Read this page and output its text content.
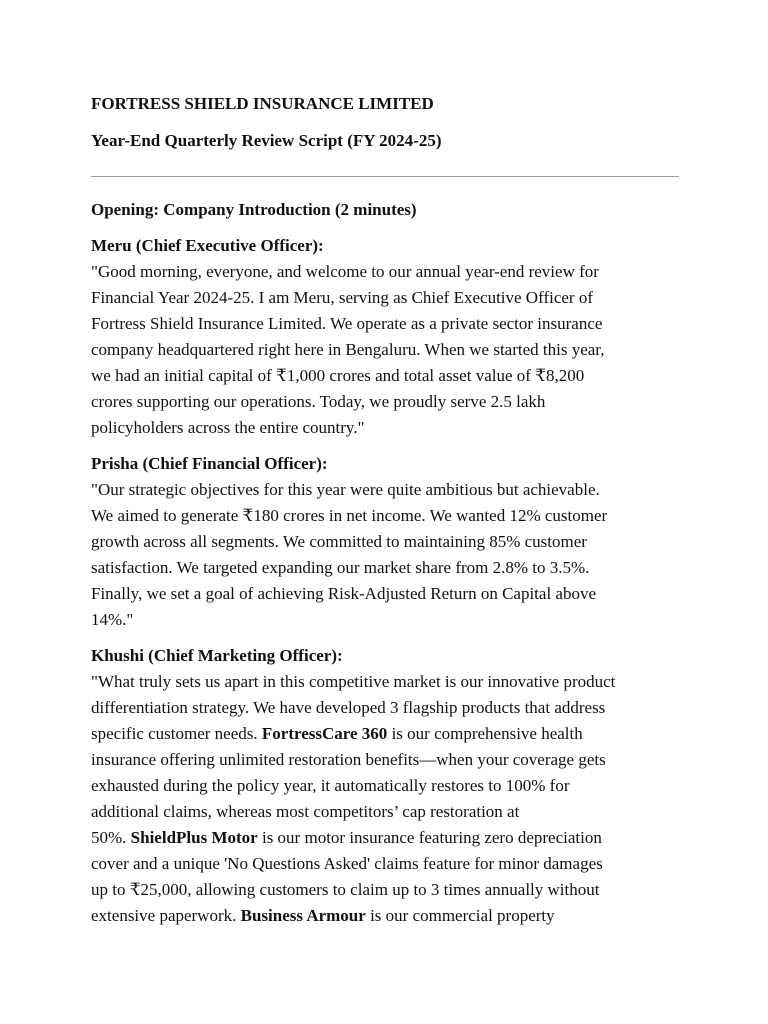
FORTRESS SHIELD INSURANCE LIMITED

Year-End Quarterly Review Script (FY 2024-25)

Opening: Company Introduction (2 minutes)

Meru (Chief Executive Officer):

"Good morning, everyone, and welcome to our annual year-end review for
Financial Year 2024-25. I am Meru, serving as Chief Executive Officer of
Fortress Shield Insurance Limited. We operate as a private sector insurance
company headquartered right here in Bengaluru. When we started this year,
we had an initial capital of ₹1,000 crores and total asset value of ₹8,200
crores supporting our operations. Today, we proudly serve 2.5 lakh
policyholders across the entire country."

Prisha (Chief Financial Officer):

"Our strategic objectives for this year were quite ambitious but achievable.
We aimed to generate ₹180 crores in net income. We wanted 12% customer
growth across all segments. We committed to maintaining 85% customer
satisfaction. We targeted expanding our market share from 2.8% to 3.5%.
Finally, we set a goal of achieving Risk-Adjusted Return on Capital above
14%."

Khushi (Chief Marketing Officer):

"What truly sets us apart in this competitive market is our innovative product
differentiation strategy. We have developed 3 flagship products that address
specific customer needs. FortressCare 360 is our comprehensive health
insurance offering unlimited restoration benefits—when your coverage gets
exhausted during the policy year, it automatically restores to 100% for
additional claims, whereas most competitors’ cap restoration at
50%. ShieldPlus Motor is our motor insurance featuring zero depreciation
cover and a unique 'No Questions Asked' claims feature for minor damages
up to ₹25,000, allowing customers to claim up to 3 times annually without
extensive paperwork. Business Armour is our commercial property
